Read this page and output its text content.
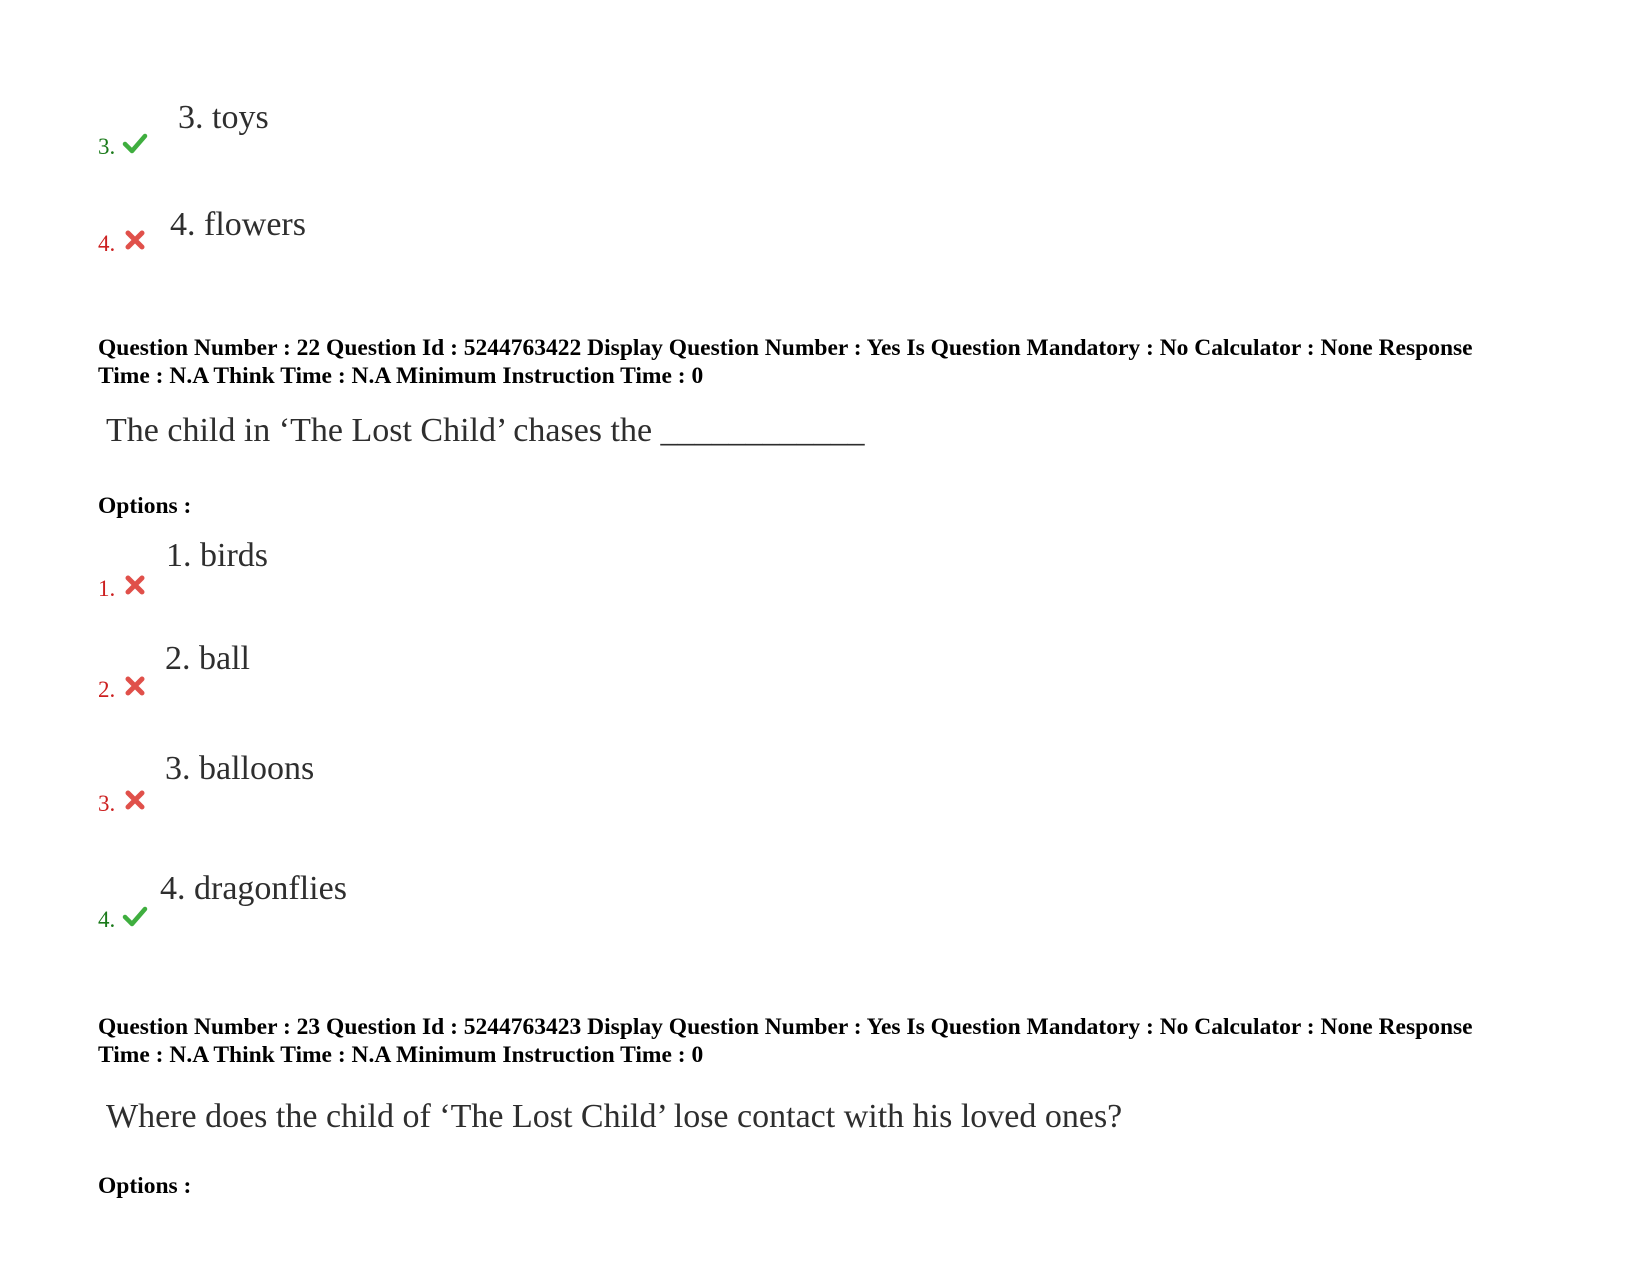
3. toys
3.
4. flowers
4.
Question Number : 22 Question Id : 5244763422 Display Question Number : Yes Is Question Mandatory : No Calculator : None Response
Time : N.A Think Time : N.A Minimum Instruction Time : 0
The child in ‘The Lost Child’ chases the ____________
Options :
1. birds
1.
2. ball
2.
3. balloons
3.
4. dragonflies
4.
Question Number : 23 Question Id : 5244763423 Display Question Number : Yes Is Question Mandatory : No Calculator : None Response
Time : N.A Think Time : N.A Minimum Instruction Time : 0
Where does the child of ‘The Lost Child’ lose contact with his loved ones?
Options :
